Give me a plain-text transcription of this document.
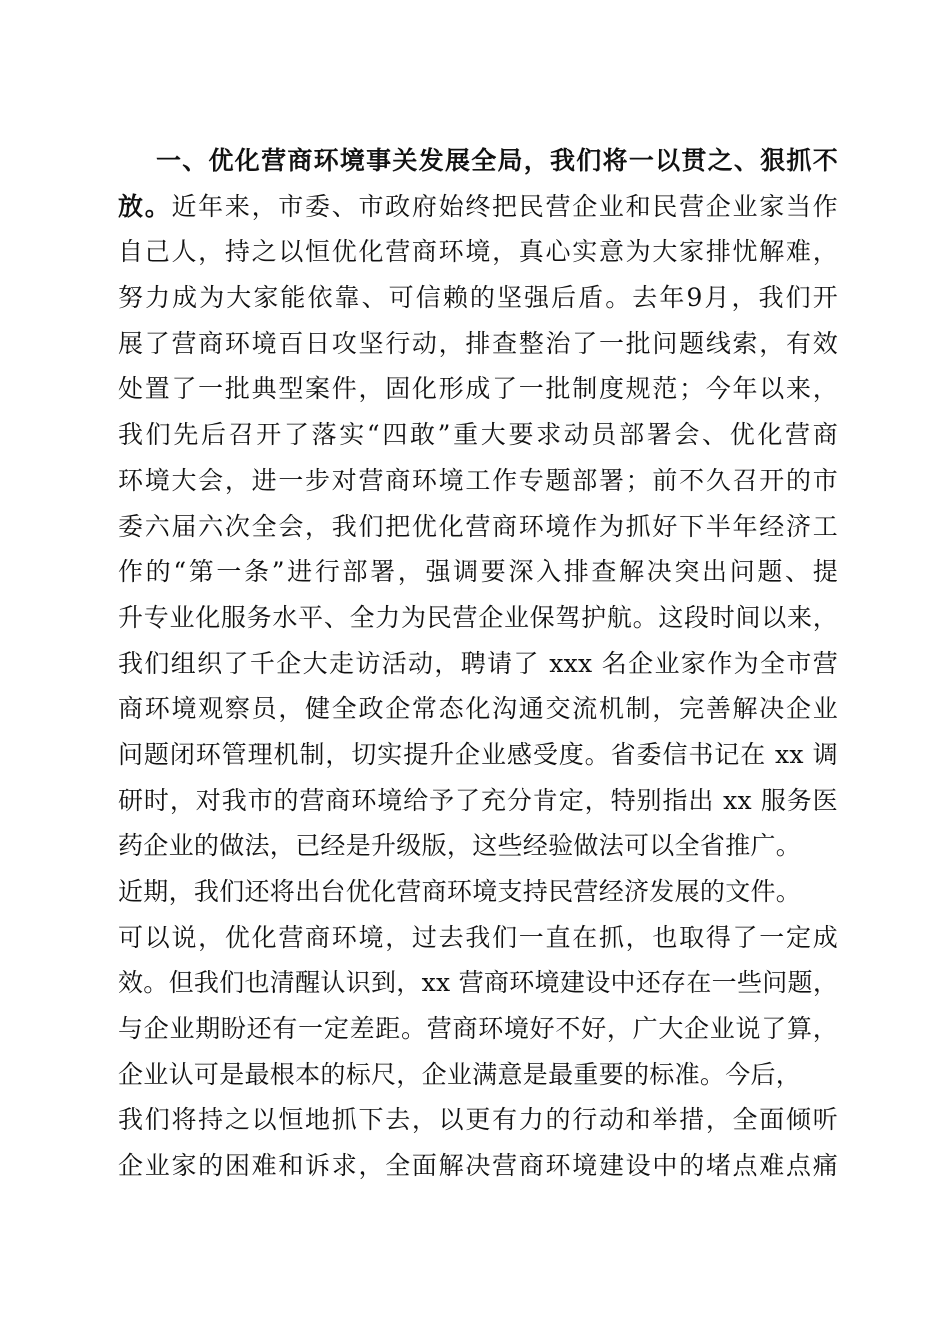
一、优化营商环境事关发展全局，我们将一以贯之、狠抓不
放。近年来，市委、市政府始终把民营企业和民营企业家当作
自己人，持之以恒优化营商环境，真心实意为大家排忧解难，
努力成为大家能依靠、可信赖的坚强后盾。去年9月，我们开
展了营商环境百日攻坚行动，排查整治了一批问题线索，有效
处置了一批典型案件，固化形成了一批制度规范；今年以来，
我们先后召开了落实“四敢”重大要求动员部署会、优化营商
环境大会，进一步对营商环境工作专题部署；前不久召开的市
委六届六次全会，我们把优化营商环境作为抓好下半年经济工
作的“第一条”进行部署，强调要深入排查解决突出问题、提
升专业化服务水平、全力为民营企业保驾护航。这段时间以来，
我们组织了千企大走访活动，聘请了 xxx 名企业家作为全市营
商环境观察员，健全政企常态化沟通交流机制，完善解决企业
问题闭环管理机制，切实提升企业感受度。省委信书记在 xx 调
研时，对我市的营商环境给予了充分肯定，特别指出 xx 服务医
药企业的做法，已经是升级版，这些经验做法可以全省推广。
近期，我们还将出台优化营商环境支持民营经济发展的文件。
可以说，优化营商环境，过去我们一直在抓，也取得了一定成
效。但我们也清醒认识到，xx 营商环境建设中还存在一些问题，
与企业期盼还有一定差距。营商环境好不好，广大企业说了算，
企业认可是最根本的标尺，企业满意是最重要的标准。今后，
我们将持之以恒地抓下去，以更有力的行动和举措，全面倾听
企业家的困难和诉求，全面解决营商环境建设中的堵点难点痛
